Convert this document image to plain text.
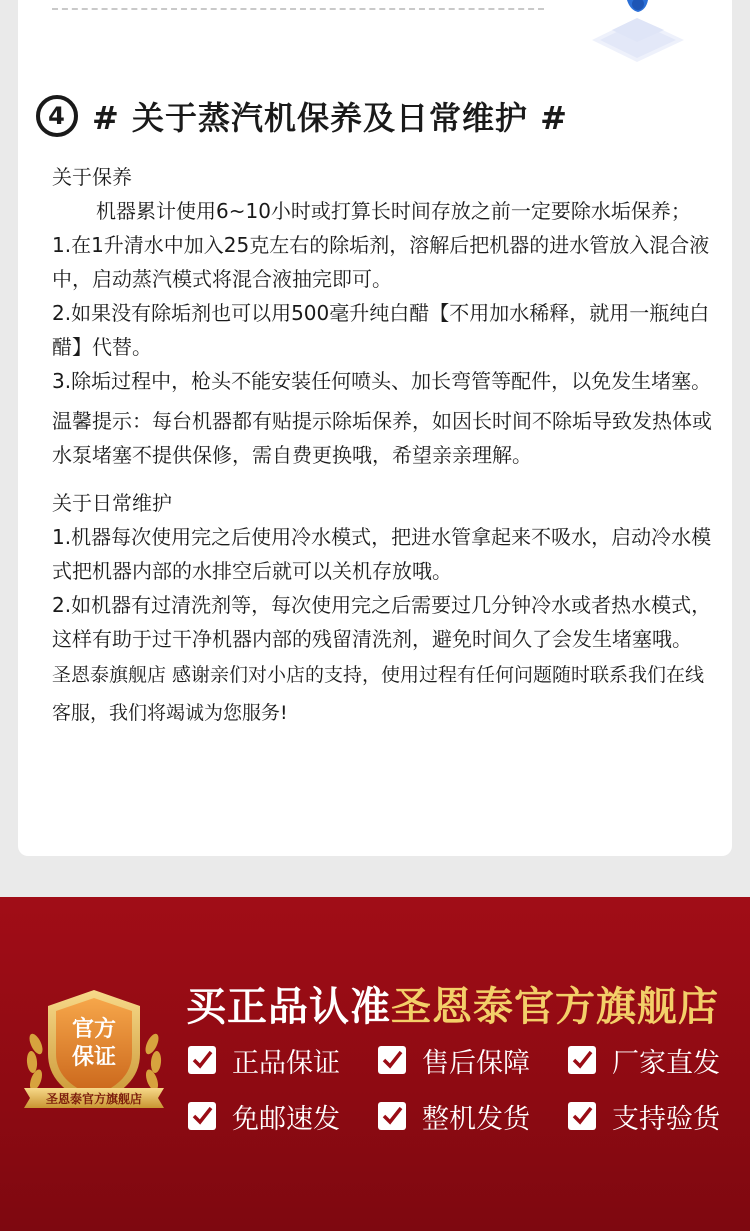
4 # 关于蒸汽机保养及日常维护 #

关于保养

机器累计使用6~10小时或打算长时间存放之前一定要除水垢保养；

1.在1升清水中加入25克左右的除垢剂，溶解后把机器的进水管放入混合液中，启动蒸汽模式将混合液抽完即可。

2.如果没有除垢剂也可以用500毫升纯白醋【不用加水稀释，就用一瓶纯白醋】代替。

3.除垢过程中，枪头不能安装任何喷头、加长弯管等配件，以免发生堵塞。

温馨提示：每台机器都有贴提示除垢保养，如因长时间不除垢导致发热体或水泵堵塞不提供保修，需自费更换哦，希望亲亲理解。

关于日常维护

1.机器每次使用完之后使用冷水模式，把进水管拿起来不吸水，启动冷水模式把机器内部的水排空后就可以关机存放哦。

2.如机器有过清洗剂等，每次使用完之后需要过几分钟冷水或者热水模式，这样有助于过干净机器内部的残留清洗剂，避免时间久了会发生堵塞哦。

圣恩泰旗舰店 感谢亲们对小店的支持，使用过程有任何问题随时联系我们在线客服，我们将竭诚为您服务!

买正品认准圣恩泰官方旗舰店
官方
保证
圣恩泰官方旗舰店
正品保证	售后保障	厂家直发
免邮速发	整机发货	支持验货
